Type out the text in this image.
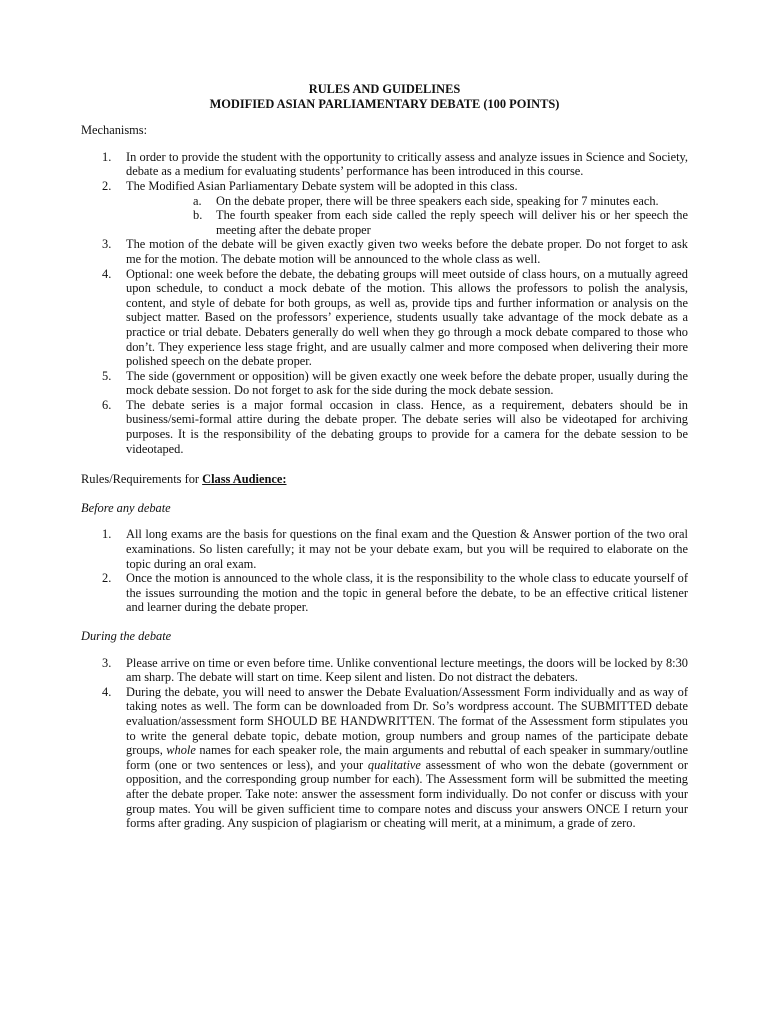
RULES AND GUIDELINES

MODIFIED ASIAN PARLIAMENTARY DEBATE (100 POINTS)

Mechanisms:

1. In order to provide the student with the opportunity to critically assess and analyze issues in Science and Society, debate as a medium for evaluating students’ performance has been introduced in this course.
2. The Modified Asian Parliamentary Debate system will be adopted in this class.
a. On the debate proper, there will be three speakers each side, speaking for 7 minutes each.
b. The fourth speaker from each side called the reply speech will deliver his or her speech the meeting after the debate proper
3. The motion of the debate will be given exactly given two weeks before the debate proper. Do not forget to ask me for the motion. The debate motion will be announced to the whole class as well.
4. Optional: one week before the debate, the debating groups will meet outside of class hours, on a mutually agreed upon schedule, to conduct a mock debate of the motion. This allows the professors to polish the analysis, content, and style of debate for both groups, as well as, provide tips and further information or analysis on the subject matter. Based on the professors’ experience, students usually take advantage of the mock debate as a practice or trial debate. Debaters generally do well when they go through a mock debate compared to those who don’t. They experience less stage fright, and are usually calmer and more composed when delivering their more polished speech on the debate proper.
5. The side (government or opposition) will be given exactly one week before the debate proper, usually during the mock debate session. Do not forget to ask for the side during the mock debate session.
6. The debate series is a major formal occasion in class. Hence, as a requirement, debaters should be in business/semi-formal attire during the debate proper. The debate series will also be videotaped for archiving purposes. It is the responsibility of the debating groups to provide for a camera for the debate session to be videotaped.

Rules/Requirements for Class Audience:

Before any debate

1. All long exams are the basis for questions on the final exam and the Question & Answer portion of the two oral examinations. So listen carefully; it may not be your debate exam, but you will be required to elaborate on the topic during an oral exam.
2. Once the motion is announced to the whole class, it is the responsibility to the whole class to educate yourself of the issues surrounding the motion and the topic in general before the debate, to be an effective critical listener and learner during the debate proper.

During the debate

3. Please arrive on time or even before time. Unlike conventional lecture meetings, the doors will be locked by 8:30 am sharp. The debate will start on time. Keep silent and listen. Do not distract the debaters.
4. During the debate, you will need to answer the Debate Evaluation/Assessment Form individually and as way of taking notes as well. The form can be downloaded from Dr. So’s wordpress account. The SUBMITTED debate evaluation/assessment form SHOULD BE HANDWRITTEN. The format of the Assessment form stipulates you to write the general debate topic, debate motion, group numbers and group names of the participate debate groups, whole names for each speaker role, the main arguments and rebuttal of each speaker in summary/outline form (one or two sentences or less), and your qualitative assessment of who won the debate (government or opposition, and the corresponding group number for each). The Assessment form will be submitted the meeting after the debate proper. Take note: answer the assessment form individually. Do not confer or discuss with your group mates. You will be given sufficient time to compare notes and discuss your answers ONCE I return your forms after grading. Any suspicion of plagiarism or cheating will merit, at a minimum, a grade of zero.
